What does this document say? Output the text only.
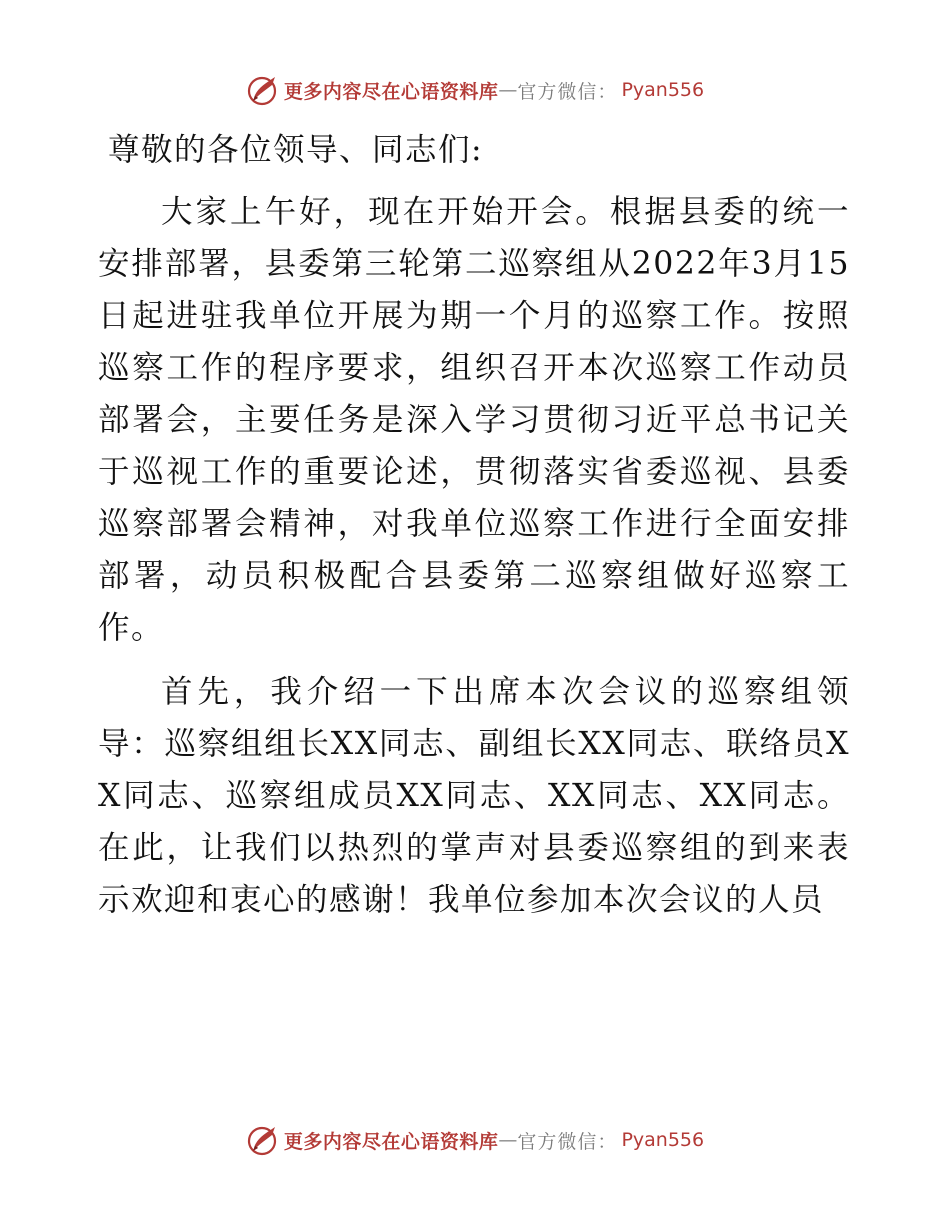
更多内容尽在心语资料库 — 官方微信： Pyan556
尊敬的各位领导、同志们:

大家上午好，现在开始开会。根据县委的统一安排部署，县委第三轮第二巡察组从2022年3月15日起进驻我单位开展为期一个月的巡察工作。按照巡察工作的程序要求，组织召开本次巡察工作动员部署会，主要任务是深入学习贯彻习近平总书记关于巡视工作的重要论述，贯彻落实省委巡视、县委巡察部署会精神，对我单位巡察工作进行全面安排部署，动员积极配合县委第二巡察组做好巡察工作。

首先，我介绍一下出席本次会议的巡察组领导：巡察组组长XX同志、副组长XX同志、联络员XX同志、巡察组成员XX同志、XX同志、XX同志。在此，让我们以热烈的掌声对县委巡察组的到来表示欢迎和衷心的感谢！我单位参加本次会议的人员

更多内容尽在心语资料库 — 官方微信： Pyan556
